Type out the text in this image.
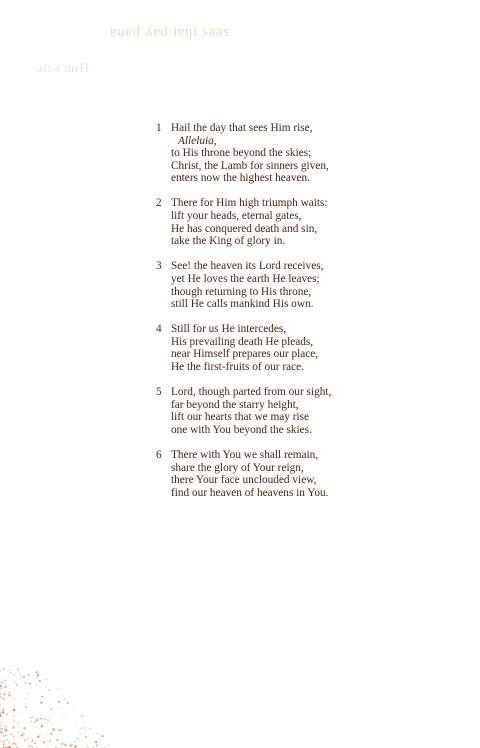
ɐuɐd ʎɐd ʇɐɥʇ sǝǝs
ɹısǝ ɯıH
1 Hail the day that sees Him rise,
Alleluia,
to His throne beyond the skies;
Christ, the Lamb for sinners given,
enters now the highest heaven.
2 There for Him high triumph waits:
lift your heads, eternal gates,
He has conquered death and sin,
take the King of glory in.
3 See! the heaven its Lord receives,
yet He loves the earth He leaves;
though returning to His throne,
still He calls mankind His own.
4 Still for us He intercedes,
His prevailing death He pleads,
near Himself prepares our place,
He the first-fruits of our race.
5 Lord, though parted from our sight,
far beyond the starry height,
lift our hearts that we may rise
one with You beyond the skies.
6 There with You we shall remain,
share the glory of Your reign,
there Your face unclouded view,
find our heaven of heavens in You.
